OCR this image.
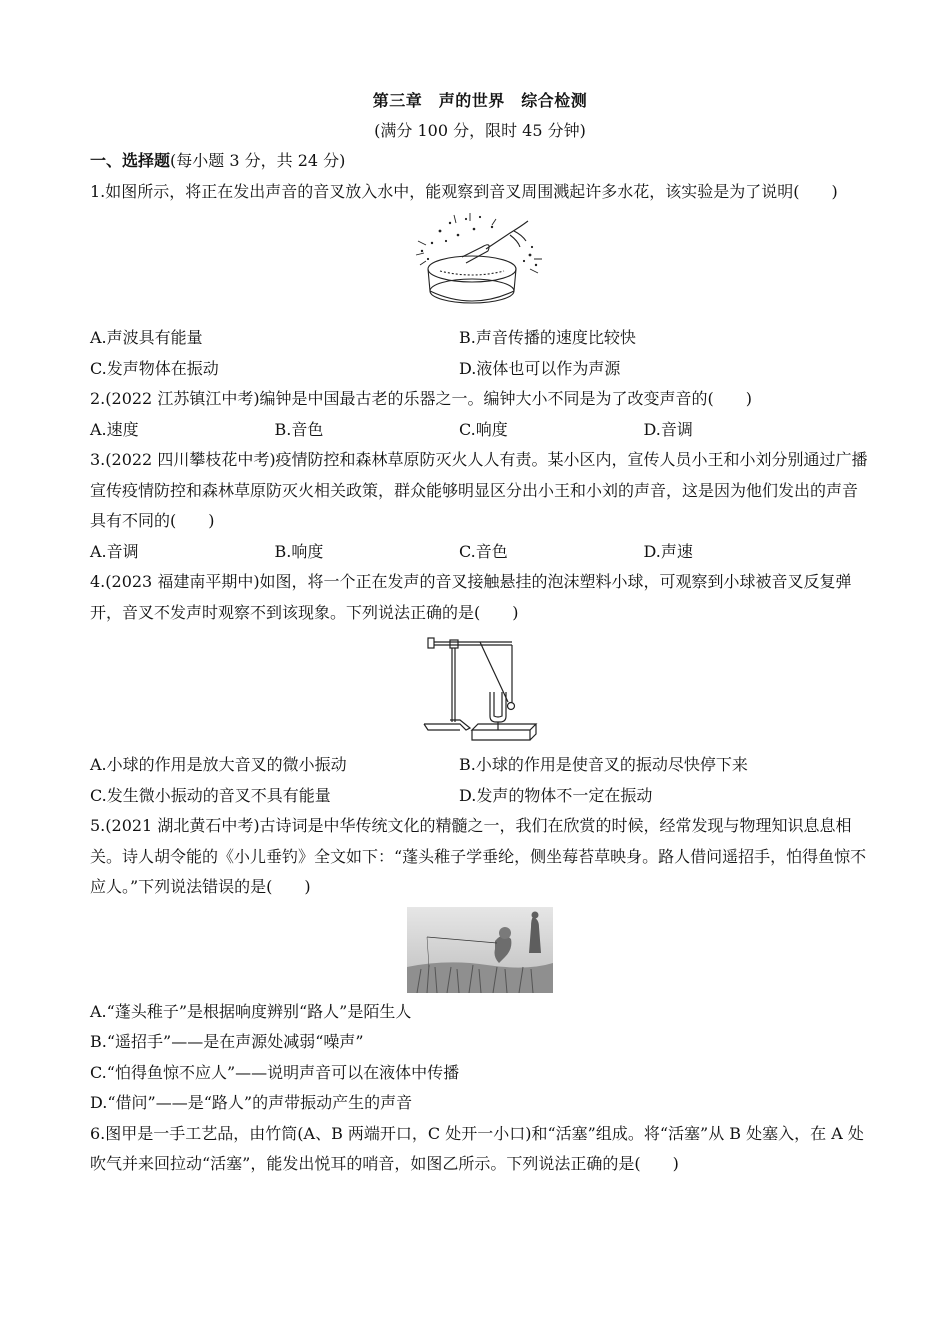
第三章　声的世界　综合检测
(满分 100 分，限时 45 分钟)
一、选择题(每小题 3 分，共 24 分)
1.如图所示，将正在发出声音的音叉放入水中，能观察到音叉周围溅起许多水花，该实验是为了说明(　　)
A.声波具有能量	B.声音传播的速度比较快
C.发声物体在振动	D.液体也可以作为声源
2.(2022 江苏镇江中考)编钟是中国最古老的乐器之一。编钟大小不同是为了改变声音的(　　)
A.速度	B.音色	C.响度	D.音调
3.(2022 四川攀枝花中考)疫情防控和森林草原防灭火人人有责。某小区内，宣传人员小王和小刘分别通过广播宣传疫情防控和森林草原防灭火相关政策，群众能够明显区分出小王和小刘的声音，这是因为他们发出的声音具有不同的(　　)
A.音调	B.响度	C.音色	D.声速
4.(2023 福建南平期中)如图，将一个正在发声的音叉接触悬挂的泡沫塑料小球，可观察到小球被音叉反复弹开，音叉不发声时观察不到该现象。下列说法正确的是(　　)
A.小球的作用是放大音叉的微小振动	B.小球的作用是使音叉的振动尽快停下来
C.发生微小振动的音叉不具有能量	D.发声的物体不一定在振动
5.(2021 湖北黄石中考)古诗词是中华传统文化的精髓之一，我们在欣赏的时候，经常发现与物理知识息息相关。诗人胡令能的《小儿垂钓》全文如下：“蓬头稚子学垂纶，侧坐莓苔草映身。路人借问遥招手，怕得鱼惊不应人。”下列说法错误的是(　　)
A.“蓬头稚子”是根据响度辨别“路人”是陌生人
B.“遥招手”——是在声源处减弱“噪声”
C.“怕得鱼惊不应人”——说明声音可以在液体中传播
D.“借问”——是“路人”的声带振动产生的声音
6.图甲是一手工艺品，由竹筒(A、B 两端开口，C 处开一小口)和“活塞”组成。将“活塞”从 B 处塞入，在 A 处吹气并来回拉动“活塞”，能发出悦耳的哨音，如图乙所示。下列说法正确的是(　　)
